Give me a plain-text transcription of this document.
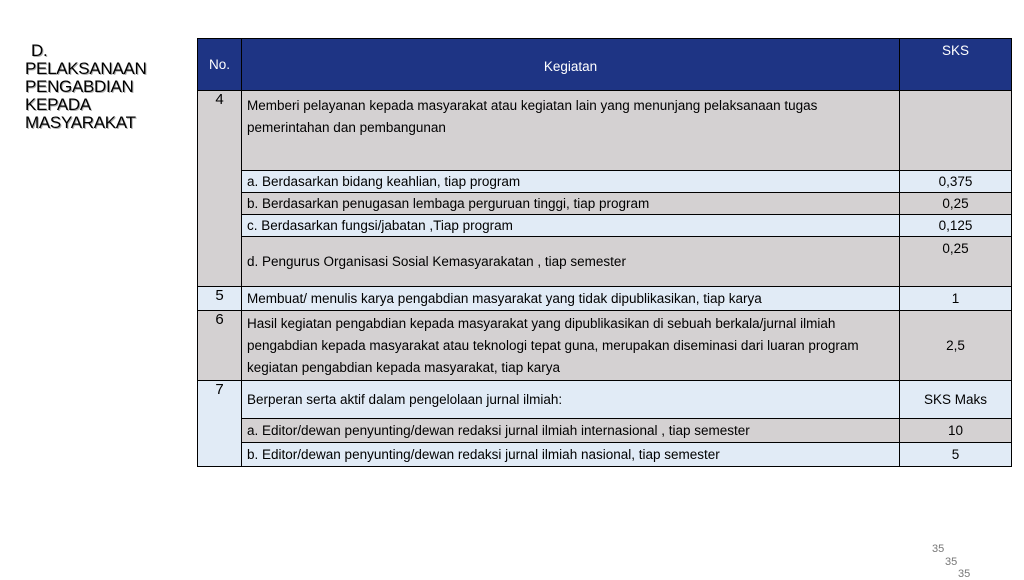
D.
PELAKSANAAN
PENGABDIAN
KEPADA
MASYARAKAT
No.	Kegiatan	SKS
4	Memberi pelayanan kepada masyarakat atau kegiatan lain yang menunjang pelaksanaan tugas pemerintahan dan pembangunan	
	a. Berdasarkan bidang keahlian, tiap program	0,375
	b. Berdasarkan penugasan lembaga perguruan tinggi, tiap program	0,25
	c. Berdasarkan fungsi/jabatan ,Tiap program	0,125
	d. Pengurus Organisasi Sosial Kemasyarakatan , tiap semester	0,25
5	Membuat/ menulis karya pengabdian masyarakat yang tidak dipublikasikan, tiap karya	1
6	Hasil kegiatan pengabdian kepada masyarakat yang dipublikasikan di sebuah berkala/jurnal ilmiah pengabdian kepada masyarakat atau teknologi tepat guna, merupakan diseminasi dari luaran program kegiatan pengabdian kepada masyarakat, tiap karya	2,5
7	Berperan serta aktif dalam pengelolaan jurnal ilmiah:	SKS Maks
	a. Editor/dewan penyunting/dewan redaksi jurnal ilmiah internasional , tiap semester	10
	b. Editor/dewan penyunting/dewan redaksi jurnal ilmiah nasional, tiap semester	5
35
35
35
